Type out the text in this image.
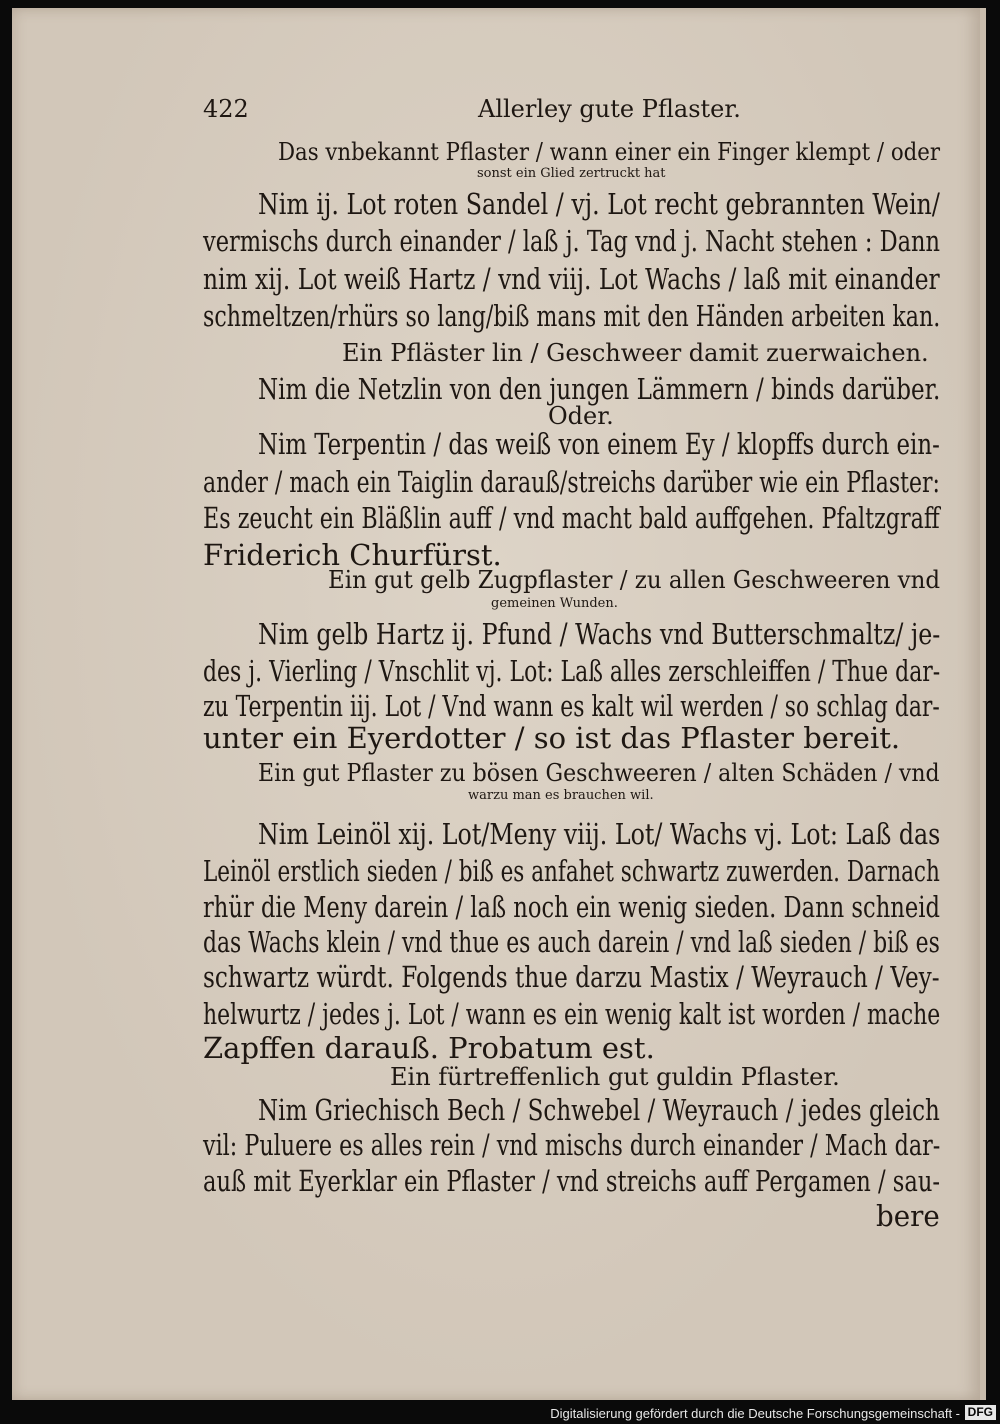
422	Allerley gute Pflaster.
Das vnbekannt Pflaster / wann einer ein Finger klempt / oder
sonst ein Glied zertruckt hat
Nim ij. Lot roten Sandel / vj. Lot recht gebrannten Wein/
vermischs durch einander / laß j. Tag vnd j. Nacht stehen : Dann
nim xij. Lot weiß Hartz / vnd viij. Lot Wachs / laß mit einander
schmeltzen/rhürs so lang/biß mans mit den Händen arbeiten kan.
Ein Pfläster lin / Geschweer damit zuerwaichen.
Nim die Netzlin von den jungen Lämmern / binds darüber.
Oder.
Nim Terpentin / das weiß von einem Ey / klopffs durch ein-
ander / mach ein Taiglin darauß/streichs darüber wie ein Pflaster:
Es zeucht ein Bläßlin auff / vnd macht bald auffgehen. Pfaltzgraff
Friderich Churfürst.
Ein gut gelb Zugpflaster / zu allen Geschweeren vnd
gemeinen Wunden.
Nim gelb Hartz ij. Pfund / Wachs vnd Butterschmaltz/ je-
des j. Vierling / Vnschlit vj. Lot: Laß alles zerschleiffen / Thue dar-
zu Terpentin iij. Lot / Vnd wann es kalt wil werden / so schlag dar-
unter ein Eyerdotter / so ist das Pflaster bereit.
Ein gut Pflaster zu bösen Geschweeren / alten Schäden / vnd
warzu man es brauchen wil.
Nim Leinöl xij. Lot/Meny viij. Lot/ Wachs vj. Lot: Laß das
Leinöl erstlich sieden / biß es anfahet schwartz zuwerden. Darnach
rhür die Meny darein / laß noch ein wenig sieden. Dann schneid
das Wachs klein / vnd thue es auch darein / vnd laß sieden / biß es
schwartz würdt. Folgends thue darzu Mastix / Weyrauch / Vey-
helwurtz / jedes j. Lot / wann es ein wenig kalt ist worden / mache
Zapffen darauß. Probatum est.
Ein fürtreffenlich gut guldin Pflaster.
Nim Griechisch Bech / Schwebel / Weyrauch / jedes gleich
vil: Puluere es alles rein / vnd mischs durch einander / Mach dar-
auß mit Eyerklar ein Pflaster / vnd streichs auff Pergamen / sau-
bere
Digitalisierung gefördert durch die Deutsche Forschungsgemeinschaft - DFG
